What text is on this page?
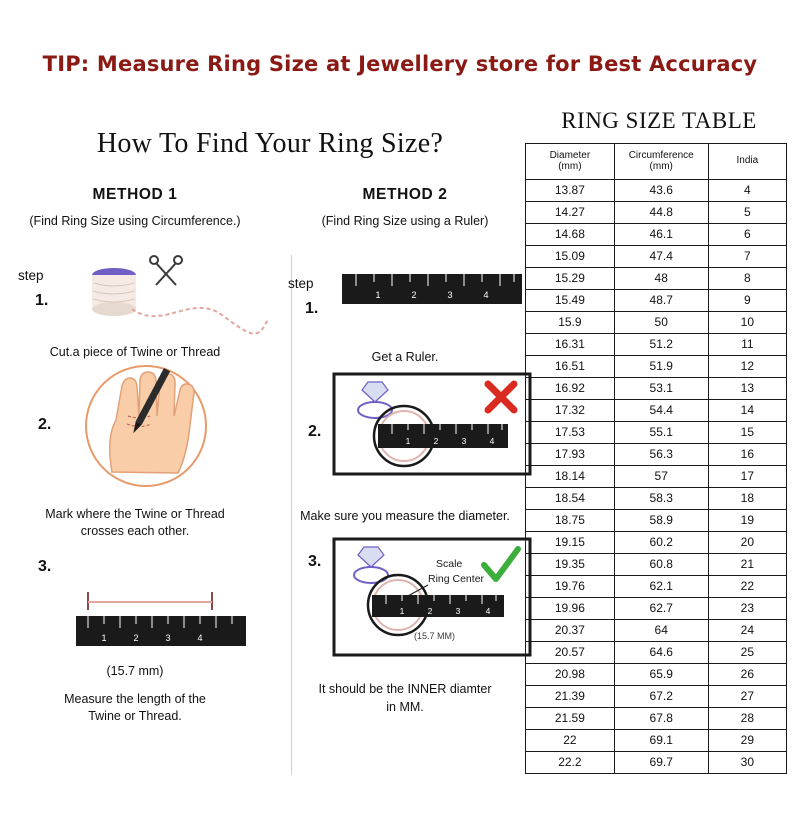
TIP: Measure Ring Size at Jewellery store for Best Accuracy
How To Find Your Ring Size?
METHOD 1
(Find Ring Size using Circumference.)
step
1.
Cut.a piece of Twine or Thread
2.
Mark where the Twine or Thread
crosses each other.
3.
1	2	3	4
(15.7 mm)
Measure the length of the
Twine or Thread.
METHOD 2
(Find Ring Size using a Ruler)
step
1.
1	2	3	4
Get a Ruler.
2.
1	2	3	4
Make sure you measure the diameter.
3.
1	2	3	4
Scale
Ring Center
(15.7 MM)
It should be the INNER diamter
in MM.
RING SIZE TABLE
Diameter
(mm)	Circumference
(mm)	India
13.87	43.6	4
14.27	44.8	5
14.68	46.1	6
15.09	47.4	7
15.29	48	8
15.49	48.7	9
15.9	50	10
16.31	51.2	11
16.51	51.9	12
16.92	53.1	13
17.32	54.4	14
17.53	55.1	15
17.93	56.3	16
18.14	57	17
18.54	58.3	18
18.75	58.9	19
19.15	60.2	20
19.35	60.8	21
19.76	62.1	22
19.96	62.7	23
20.37	64	24
20.57	64.6	25
20.98	65.9	26
21.39	67.2	27
21.59	67.8	28
22	69.1	29
22.2	69.7	30
